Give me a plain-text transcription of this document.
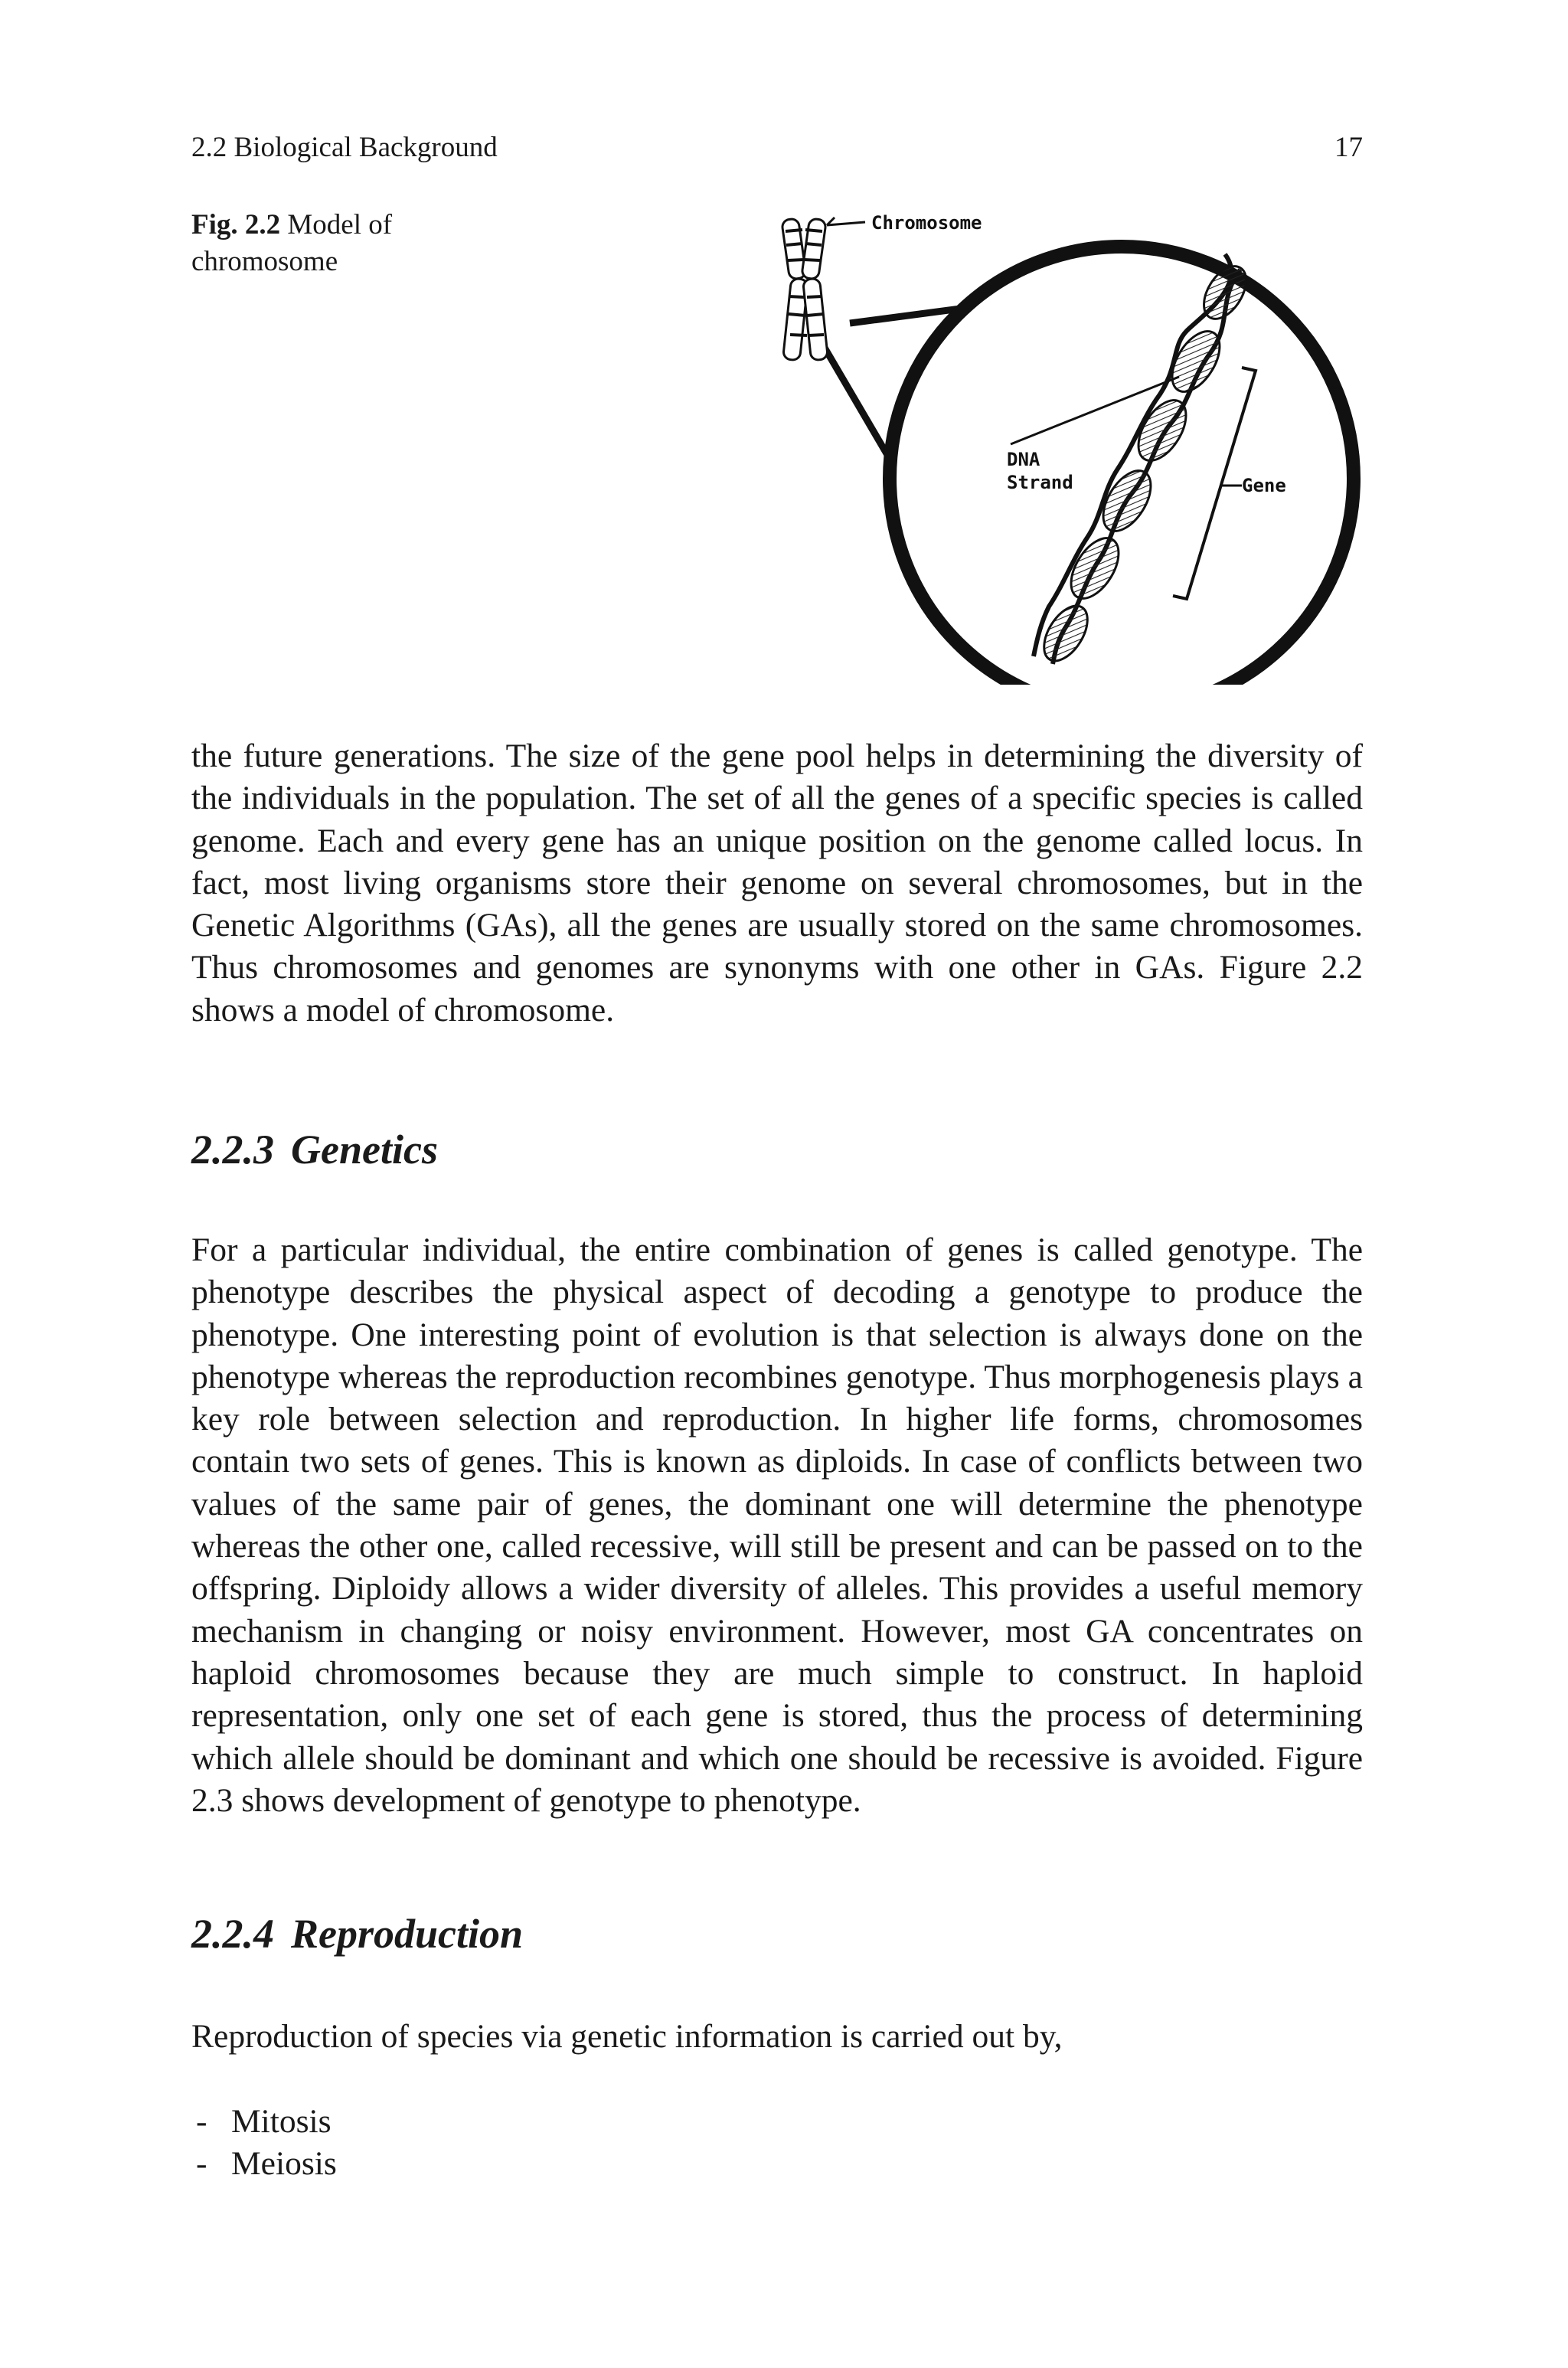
2.2 Biological Background	17
Fig. 2.2 Model of chromosome
Chromosome
DNA
Strand	Gene

the future generations. The size of the gene pool helps in determining the diversity of the individuals in the population. The set of all the genes of a specific species is called genome. Each and every gene has an unique position on the genome called locus. In fact, most living organisms store their genome on several chromosomes, but in the Genetic Algorithms (GAs), all the genes are usually stored on the same chromosomes. Thus chromosomes and genomes are synonyms with one other in GAs. Figure 2.2 shows a model of chromosome.

2.2.3 Genetics

For a particular individual, the entire combination of genes is called genotype. The phenotype describes the physical aspect of decoding a genotype to produce the phenotype. One interesting point of evolution is that selection is always done on the phenotype whereas the reproduction recombines genotype. Thus morphogenesis plays a key role between selection and reproduction. In higher life forms, chromosomes contain two sets of genes. This is known as diploids. In case of conflicts between two values of the same pair of genes, the dominant one will determine the phenotype whereas the other one, called recessive, will still be present and can be passed on to the offspring. Diploidy allows a wider diversity of alleles. This provides a useful memory mechanism in changing or noisy environment. However, most GA concentrates on haploid chromosomes because they are much simple to construct. In haploid representation, only one set of each gene is stored, thus the process of determining which allele should be dominant and which one should be recessive is avoided. Figure 2.3 shows development of genotype to phenotype.

2.2.4 Reproduction

Reproduction of species via genetic information is carried out by,

- Mitosis
- Meiosis
